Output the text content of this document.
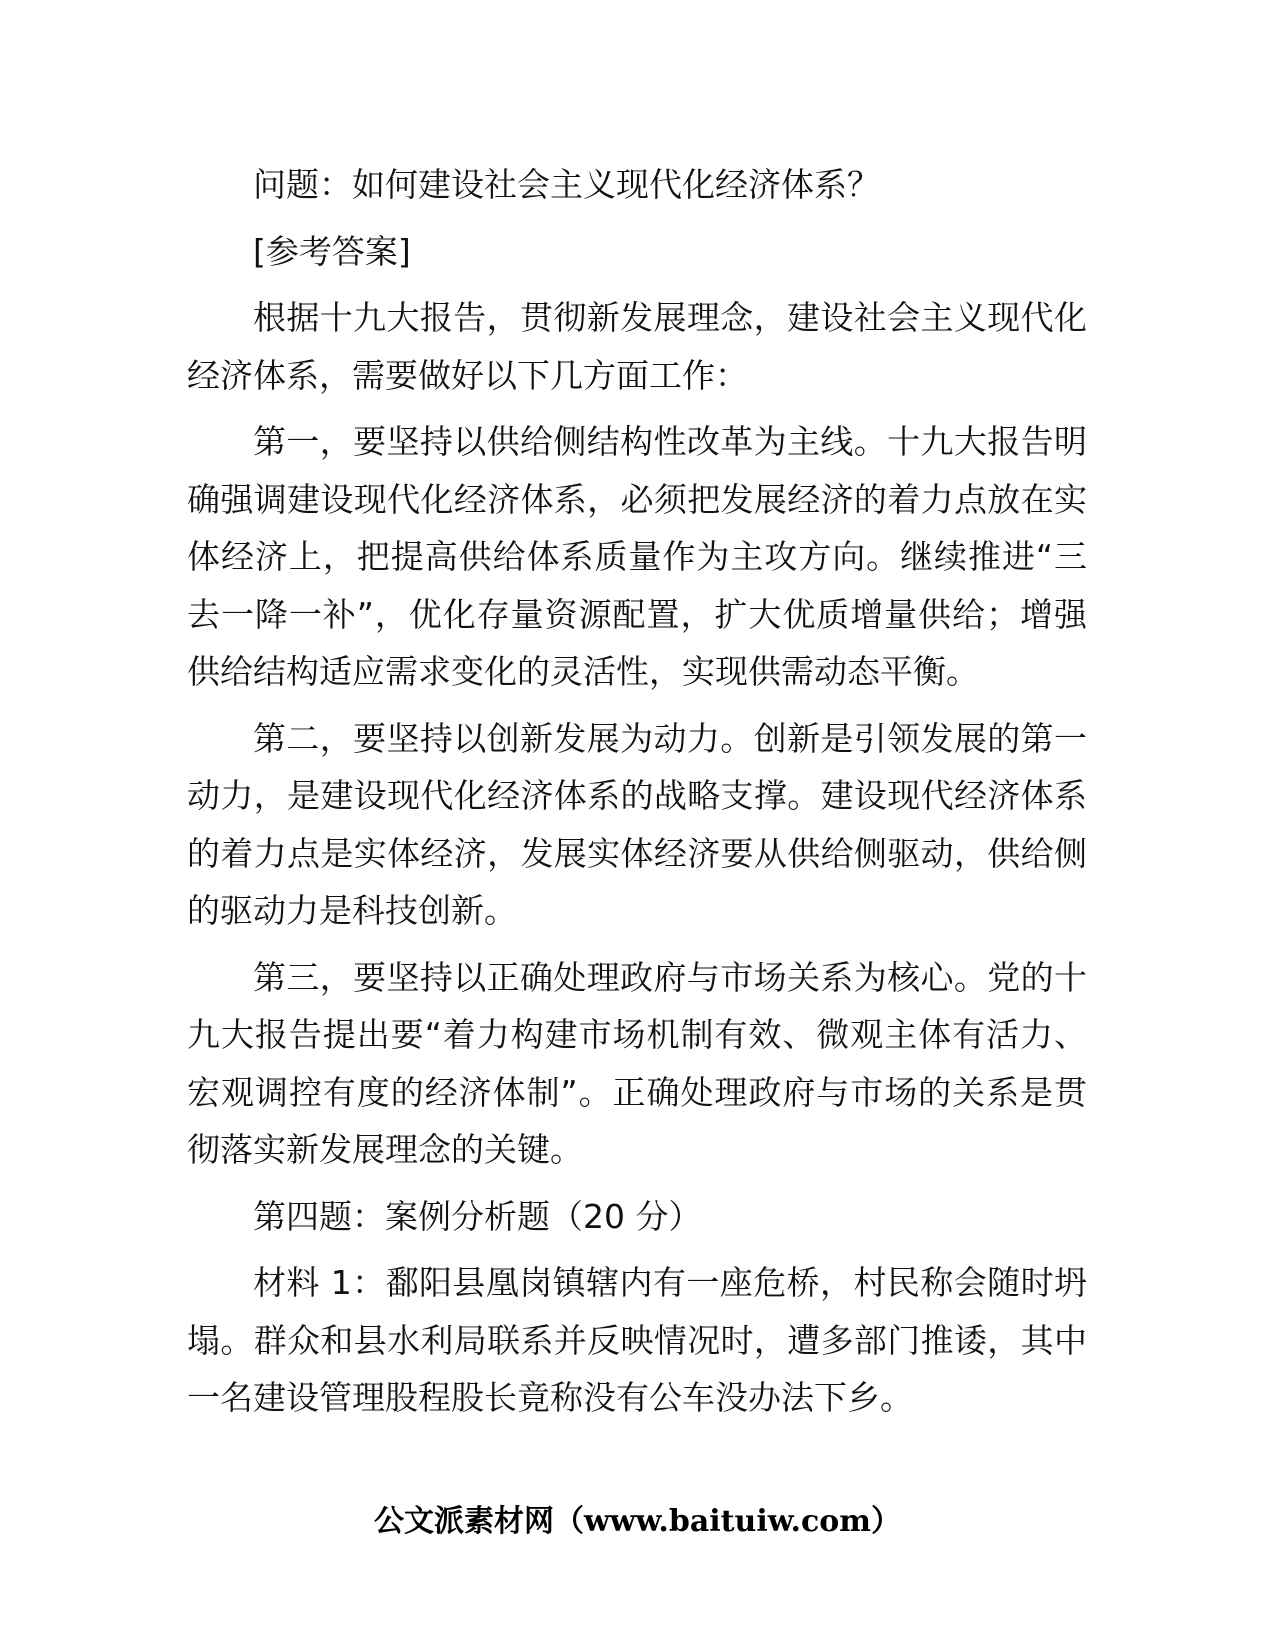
问题：如何建设社会主义现代化经济体系？

[参考答案]

根据十九大报告，贯彻新发展理念，建设社会主义现代化经济体系，需要做好以下几方面工作：

第一，要坚持以供给侧结构性改革为主线。十九大报告明确强调建设现代化经济体系，必须把发展经济的着力点放在实体经济上，把提高供给体系质量作为主攻方向。继续推进“三去一降一补”，优化存量资源配置，扩大优质增量供给；增强供给结构适应需求变化的灵活性，实现供需动态平衡。

第二，要坚持以创新发展为动力。创新是引领发展的第一动力，是建设现代化经济体系的战略支撑。建设现代经济体系的着力点是实体经济，发展实体经济要从供给侧驱动，供给侧的驱动力是科技创新。

第三，要坚持以正确处理政府与市场关系为核心。党的十九大报告提出要“着力构建市场机制有效、微观主体有活力、宏观调控有度的经济体制”。正确处理政府与市场的关系是贯彻落实新发展理念的关键。

第四题：案例分析题（20 分）

材料 1：鄱阳县凰岗镇辖内有一座危桥，村民称会随时坍塌。群众和县水利局联系并反映情况时，遭多部门推诿，其中一名建设管理股程股长竟称没有公车没办法下乡。

公文派素材网（www.baituiw.com）
